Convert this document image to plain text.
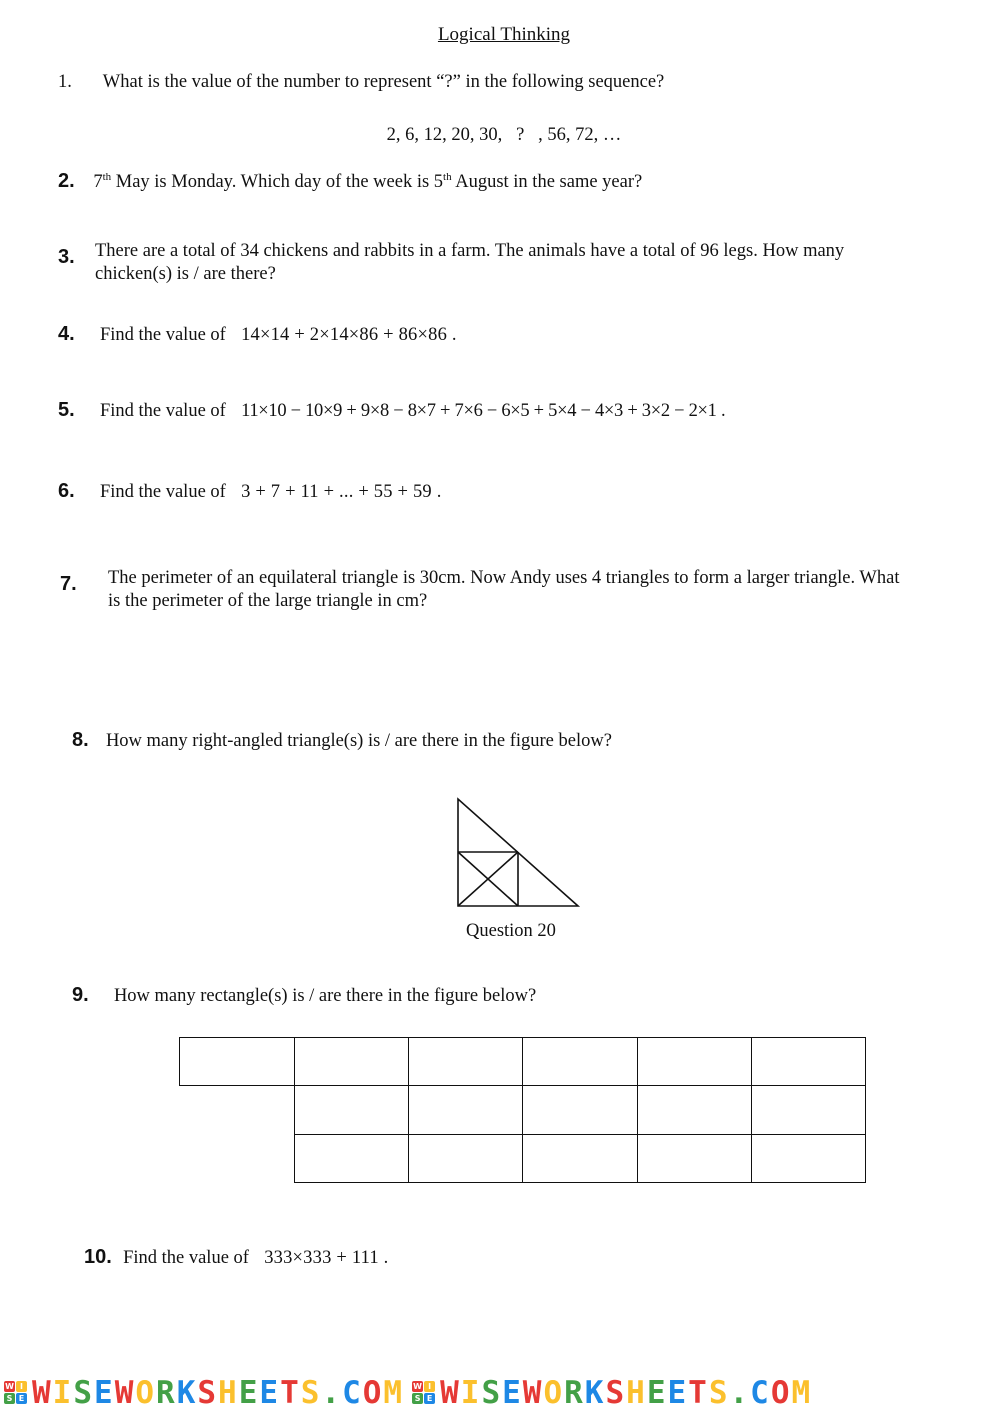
Logical Thinking
1. What is the value of the number to represent “?” in the following sequence?
2, 6, 12, 20, 30,   ?   , 56, 72, …
2. 7th May is Monday. Which day of the week is 5th August in the same year?
3. There are a total of 34 chickens and rabbits in a farm. The animals have a total of 96 legs. How many
chicken(s) is / are there?
4. Find the value of 14×14 + 2×14×86 + 86×86 .
5. Find the value of 11×10 − 10×9 + 9×8 − 8×7 + 7×6 − 6×5 + 5×4 − 4×3 + 3×2 − 2×1 .
6. Find the value of 3 + 7 + 11 + ... + 55 + 59 .
7. The perimeter of an equilateral triangle is 30cm. Now Andy uses 4 triangles to form a larger triangle. What
is the perimeter of the large triangle in cm?
8. How many right-angled triangle(s) is / are there in the figure below?
Question 20
9. How many rectangle(s) is / are there in the figure below?
10. Find the value of 333×333 + 111 .
W I
S E WISEWORKSHEETS.COM W I
S E WISEWORKSHEETS.COM
